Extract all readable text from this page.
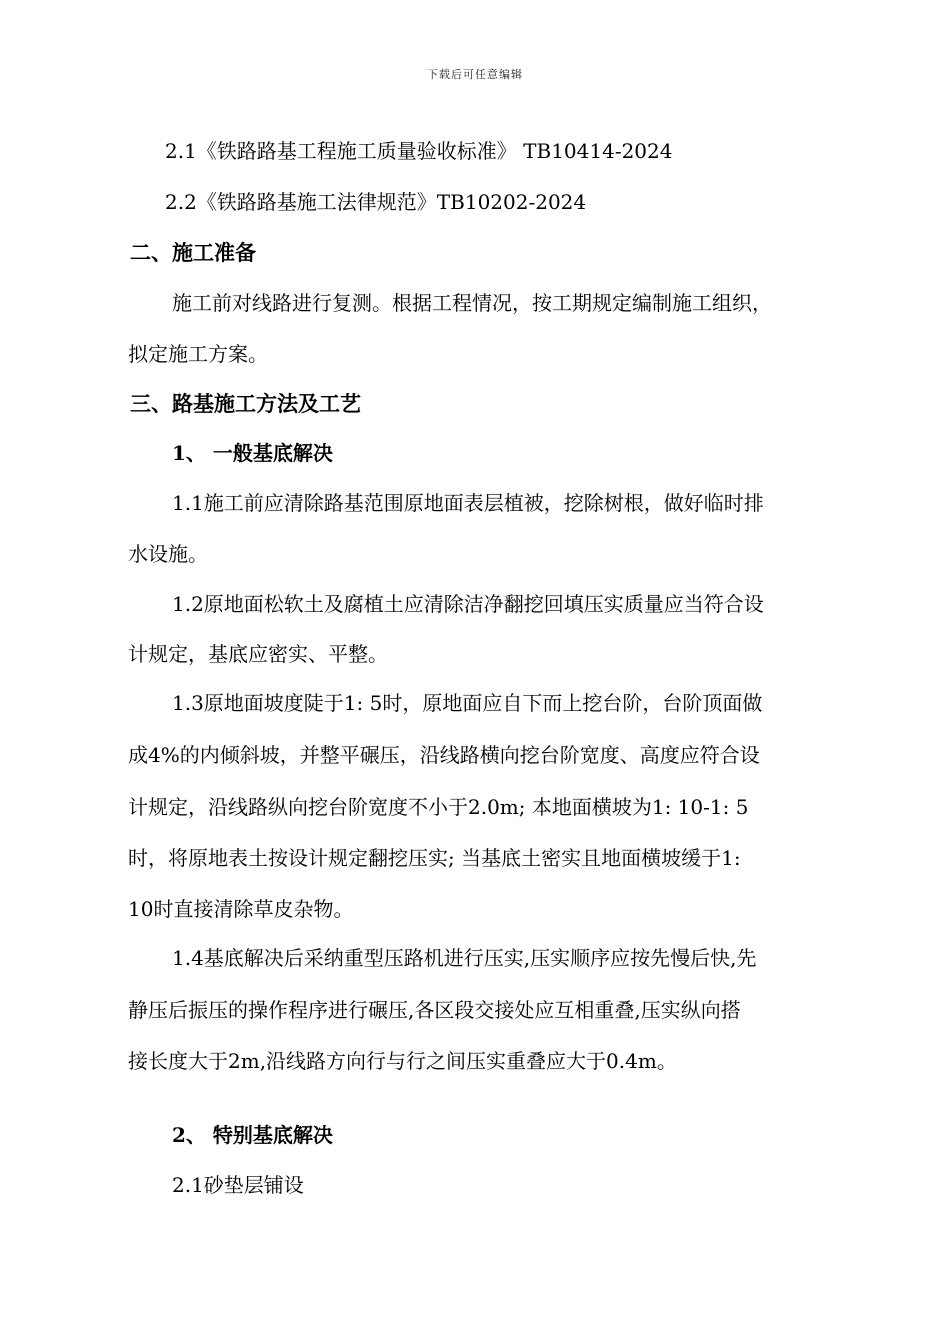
下载后可任意编辑
2.1《铁路路基工程施工质量验收标准》 TB10414-2024
2.2《铁路路基施工法律规范》TB10202-2024
二、施工准备
施工前对线路进行复测。根据工程情况，按工期规定编制施工组织，
拟定施工方案。
三、路基施工方法及工艺
1、 一般基底解决
1.1施工前应清除路基范围原地面表层植被，挖除树根，做好临时排
水设施。
1.2原地面松软土及腐植土应清除洁净翻挖回填压实质量应当符合设
计规定，基底应密实、平整。
1.3原地面坡度陡于1: 5时，原地面应自下而上挖台阶，台阶顶面做
成4%的内倾斜坡，并整平碾压，沿线路横向挖台阶宽度、高度应符合设
计规定，沿线路纵向挖台阶宽度不小于2.0m; 本地面横坡为1: 10-1: 5
时，将原地表土按设计规定翻挖压实; 当基底土密实且地面横坡缓于1:
10时直接清除草皮杂物。
1.4基底解决后采纳重型压路机进行压实,压实顺序应按先慢后快,先
静压后振压的操作程序进行碾压,各区段交接处应互相重叠,压实纵向搭
接长度大于2m,沿线路方向行与行之间压实重叠应大于0.4m。
2、 特别基底解决
2.1砂垫层铺设
